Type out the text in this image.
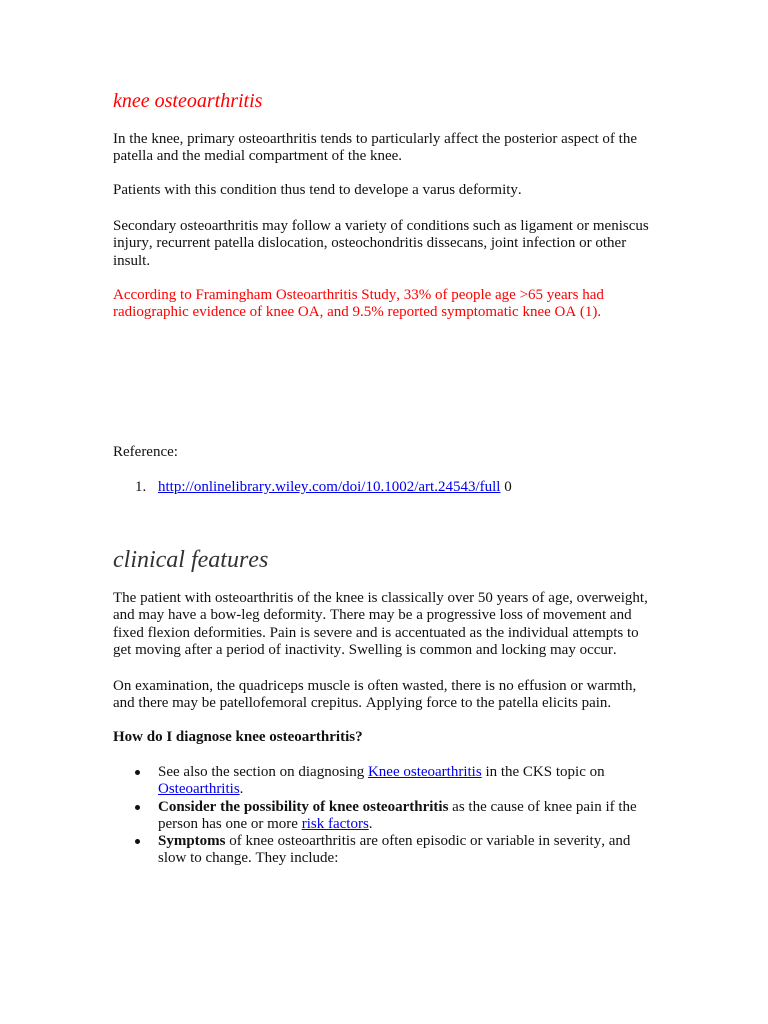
knee osteoarthritis

In the knee, primary osteoarthritis tends to particularly affect the posterior aspect of the patella and the medial compartment of the knee.

Patients with this condition thus tend to develope a varus deformity.

Secondary osteoarthritis may follow a variety of conditions such as ligament or meniscus injury, recurrent patella dislocation, osteochondritis dissecans, joint infection or other insult.

According to Framingham Osteoarthritis Study, 33% of people age >65 years had radiographic evidence of knee OA, and 9.5% reported symptomatic knee OA (1).

Reference:

1. http://onlinelibrary.wiley.com/doi/10.1002/art.24543/full 0
clinical features

The patient with osteoarthritis of the knee is classically over 50 years of age, overweight, and may have a bow-leg deformity. There may be a progressive loss of movement and fixed flexion deformities. Pain is severe and is accentuated as the individual attempts to get moving after a period of inactivity. Swelling is common and locking may occur.

On examination, the quadriceps muscle is often wasted, there is no effusion or warmth, and there may be patellofemoral crepitus. Applying force to the patella elicits pain.

How do I diagnose knee osteoarthritis?

See also the section on diagnosing Knee osteoarthritis in the CKS topic on Osteoarthritis.
Consider the possibility of knee osteoarthritis as the cause of knee pain if the person has one or more risk factors.
Symptoms of knee osteoarthritis are often episodic or variable in severity, and slow to change. They include:
